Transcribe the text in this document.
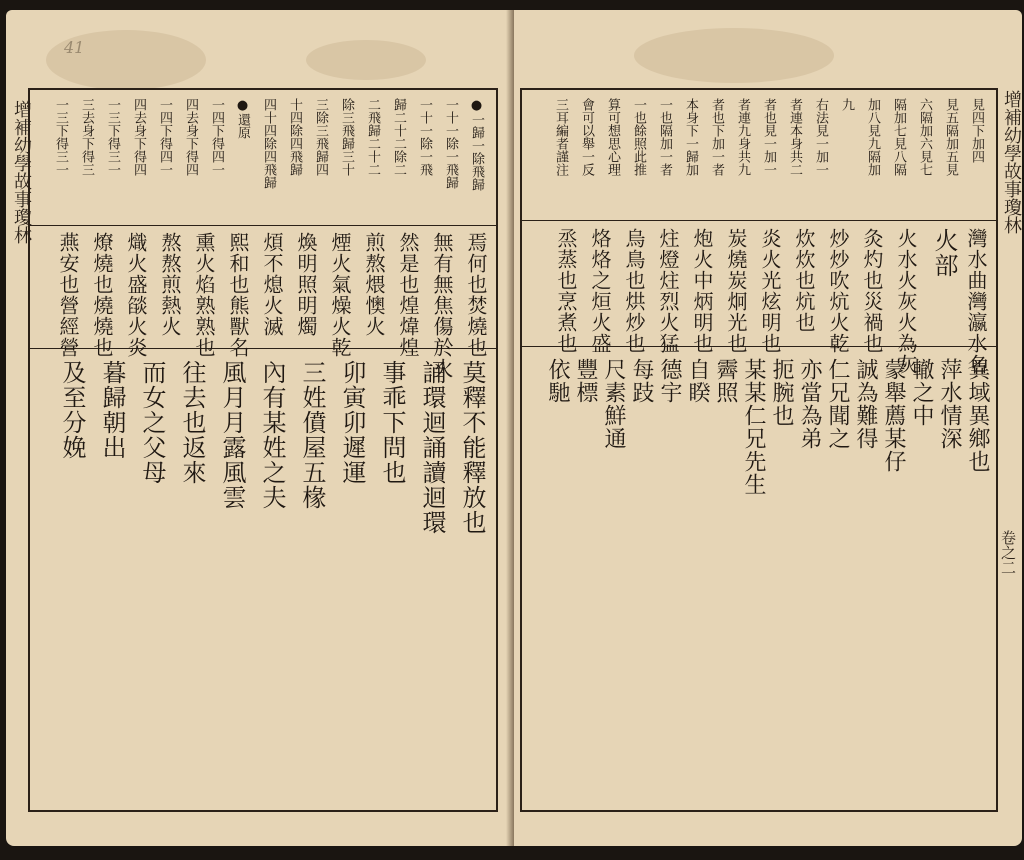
41
●一歸一除飛歸
一十一除一飛歸
一十一除一飛
歸二十二除二
二飛歸二十二
除三飛歸三十
三除三飛歸四
十四除四飛歸
四十四除四飛歸
●還原
一四下得四一
四去身下得四
一四下得四一
四去身下得四
一三下得三一
三去身下得三
一三下得三一
焉何也焚燒也
無有無焦傷於火
然是也煌煒煌
煎熬煨懊火
煙火氣燥火乾
煥明照明燭
煩不熄火滅
熙和也熊獸名
熏火焰熟熟也
熬熬煎熱火
熾火盛燄火炎
燎燒也燒燒也
燕安也營經營
莫釋不能釋放也
誦環迴誦讀迴環
事乖下問也
卯寅卯遲運
三姓僨屋五椽
內有某姓之夫
風月月露風雲
往去也返來
而女之父母
暮歸朝出
及至分娩
增補幼學故事瓊林	見四下加四
見五隔加五見
六隔加六見七
隔加七見八隔
加八見九隔加
九
右法見一加一
者連本身共二
者也見一加一
者連九身共九
者也下加一者
本身下一歸加
一也隔加一者
一也餘照此推
算可想思心理
會可以舉一反
三耳編者謹注
灣水曲灣瀛水名
火部
火水火灰火為灰
灸灼也災禍也
炒炒吹炕火乾
炊炊也炕也
炎火光炫明也
炭燒炭炯光也
炮火中炳明也
炷燈炷烈火猛
烏鳥也烘炒也
烙烙之烜火盛
烝蒸也烹煮也
異域異鄉也
萍水情深
轍之中
蒙舉薦某仔
誠為難得
仁兄聞之
亦當為弟
扼腕也
某某仁兄先生
霽照
自睽
德宇
每跂
尺素鮮通
豐標
依馳
增補幼學故事瓊林
卷之二
